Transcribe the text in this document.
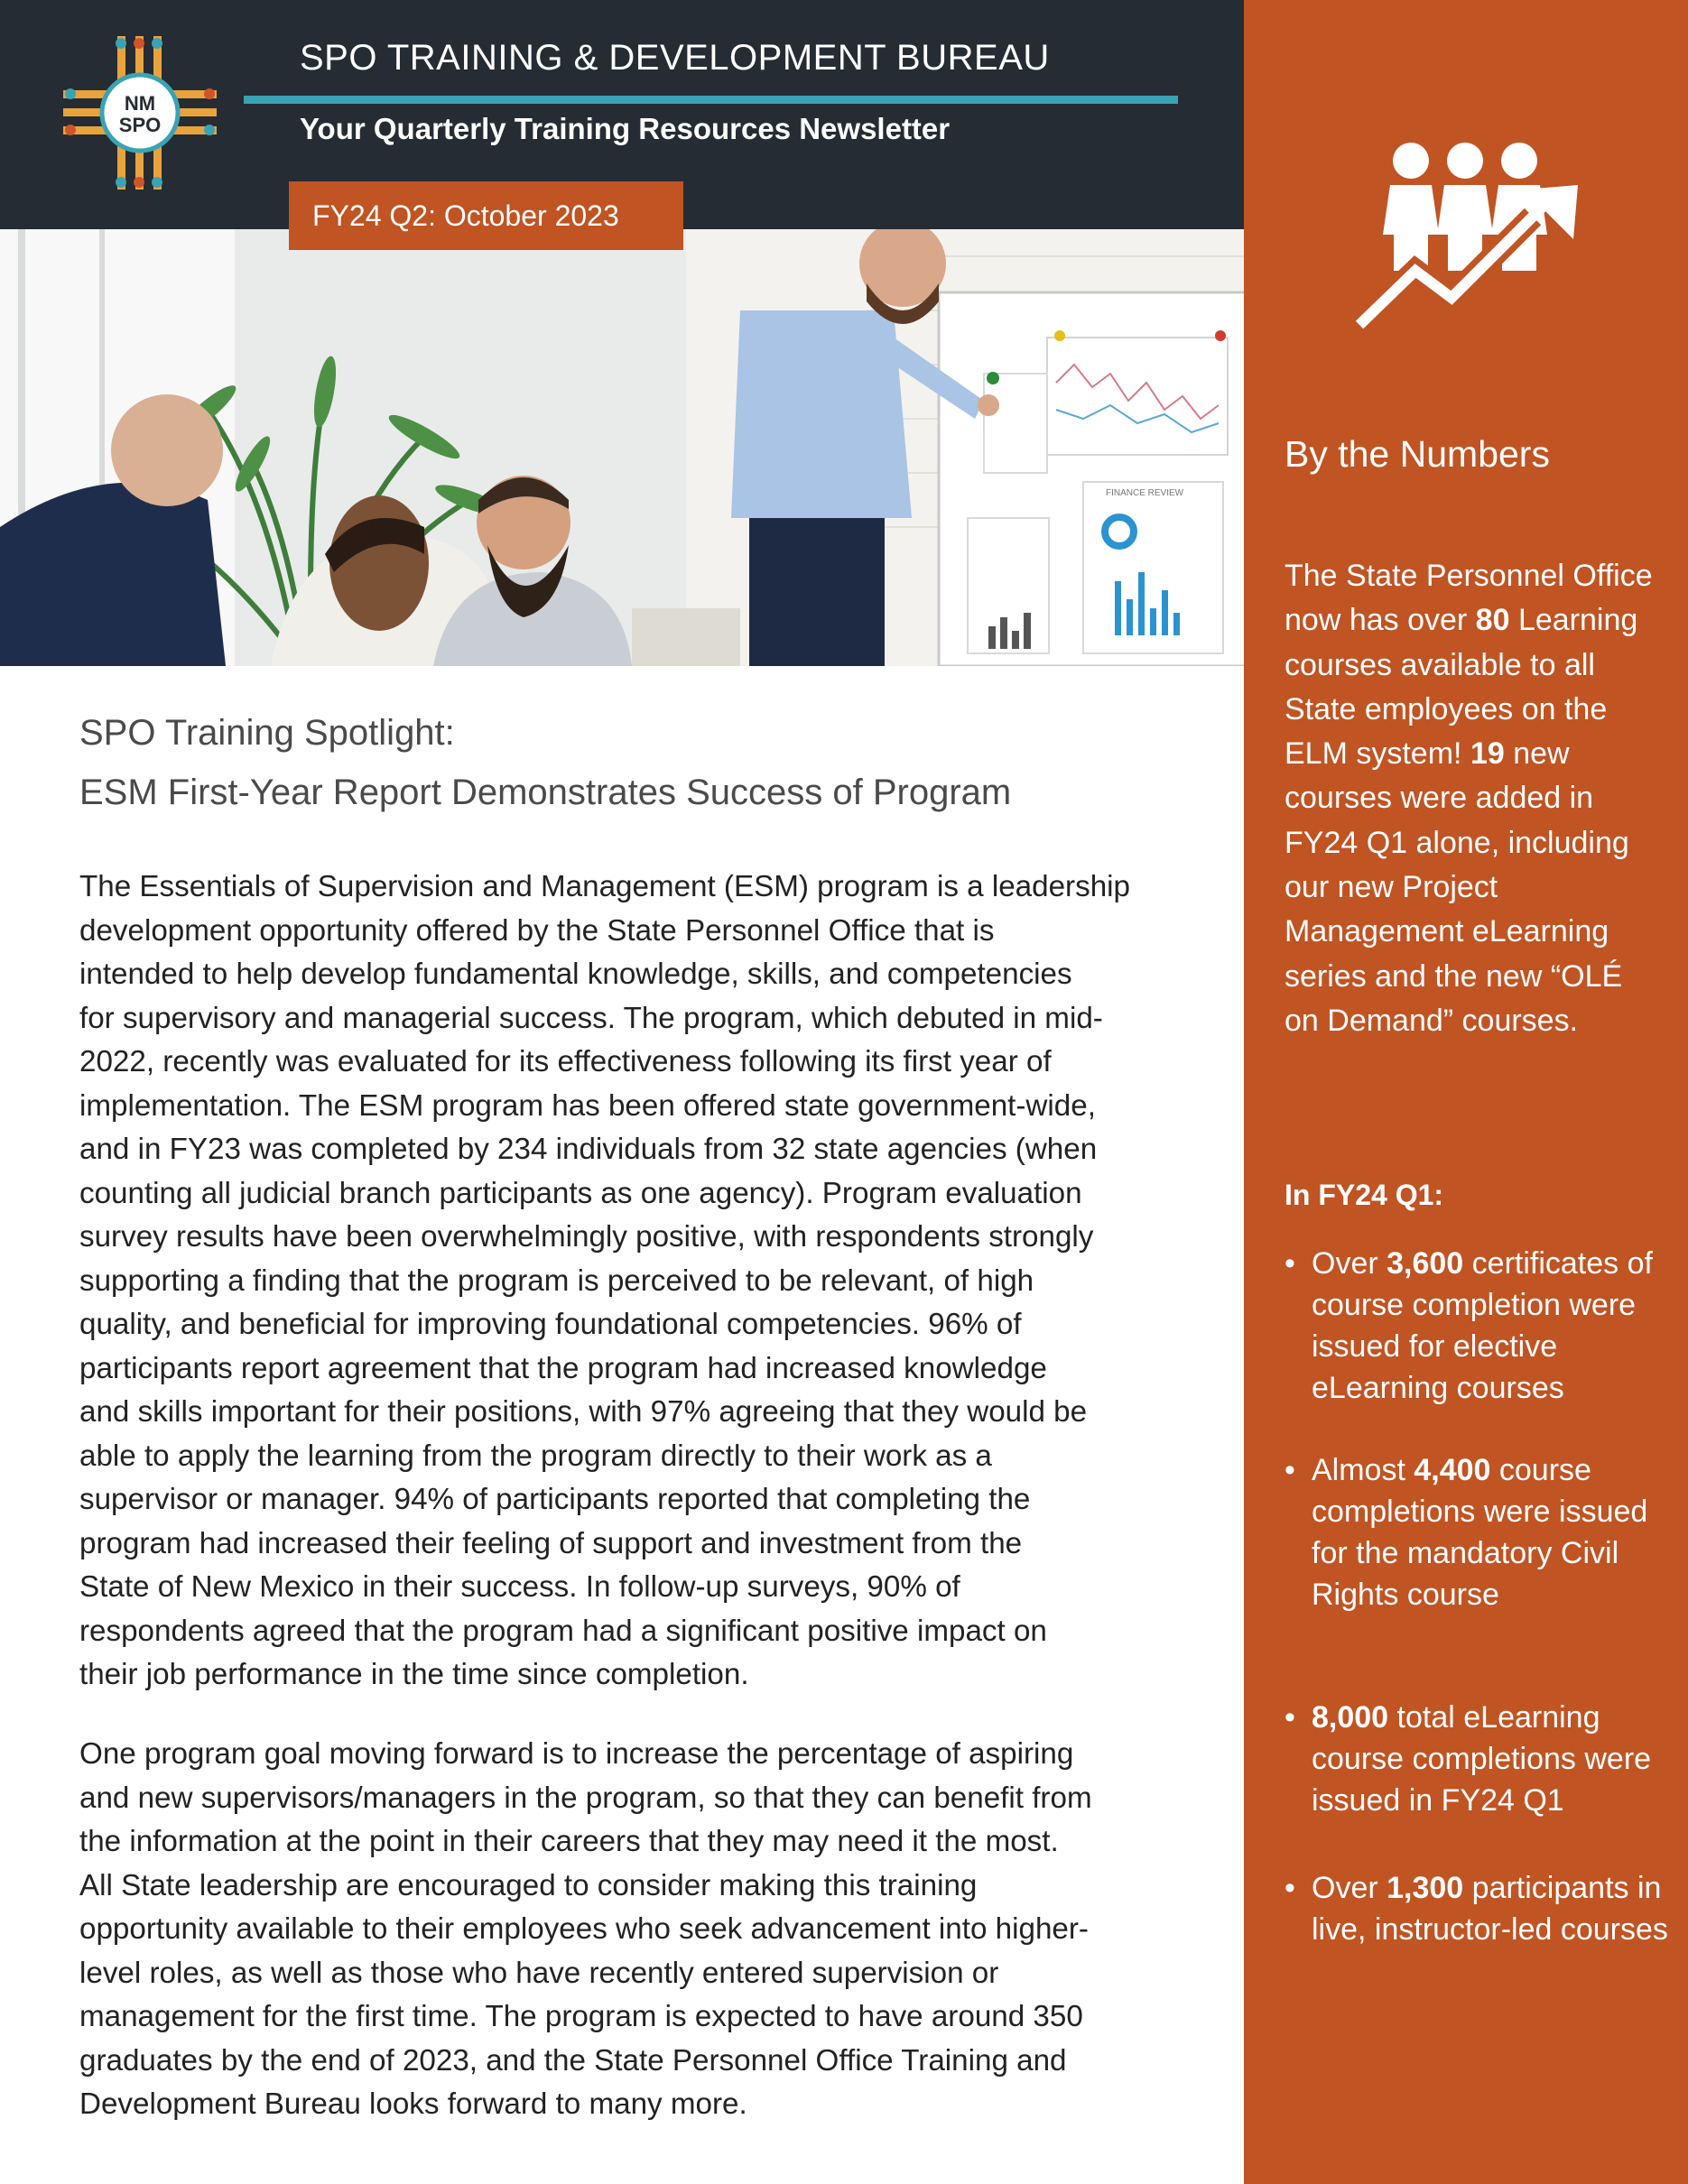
NM
SPO
SPO TRAINING & DEVELOPMENT BUREAU
Your Quarterly Training Resources Newsletter
FY24 Q2: October 2023
FINANCE REVIEW
By the Numbers
The State Personnel Office now has over 80 Learning courses available to all State employees on the ELM system! 19 new courses were added in FY24 Q1 alone, including our new Project Management eLearning series and the new “OLÉ on Demand” courses.
In FY24 Q1:
• Over 3,600 certificates of course completion were issued for elective eLearning courses
• Almost 4,400 course completions were issued for the mandatory Civil Rights course
• 8,000 total eLearning course completions were issued in FY24 Q1
• Over 1,300 participants in live, instructor-led courses
SPO Training Spotlight:
ESM First-Year Report Demonstrates Success of Program
The Essentials of Supervision and Management (ESM) program is a leadership
development opportunity offered by the State Personnel Office that is
intended to help develop fundamental knowledge, skills, and competencies
for supervisory and managerial success. The program, which debuted in mid-
2022, recently was evaluated for its effectiveness following its first year of
implementation. The ESM program has been offered state government-wide,
and in FY23 was completed by 234 individuals from 32 state agencies (when
counting all judicial branch participants as one agency). Program evaluation
survey results have been overwhelmingly positive, with respondents strongly
supporting a finding that the program is perceived to be relevant, of high
quality, and beneficial for improving foundational competencies. 96% of
participants report agreement that the program had increased knowledge
and skills important for their positions, with 97% agreeing that they would be
able to apply the learning from the program directly to their work as a
supervisor or manager. 94% of participants reported that completing the
program had increased their feeling of support and investment from the
State of New Mexico in their success. In follow-up surveys, 90% of
respondents agreed that the program had a significant positive impact on
their job performance in the time since completion.
One program goal moving forward is to increase the percentage of aspiring
and new supervisors/managers in the program, so that they can benefit from
the information at the point in their careers that they may need it the most.
All State leadership are encouraged to consider making this training
opportunity available to their employees who seek advancement into higher-
level roles, as well as those who have recently entered supervision or
management for the first time. The program is expected to have around 350
graduates by the end of 2023, and the State Personnel Office Training and
Development Bureau looks forward to many more.
